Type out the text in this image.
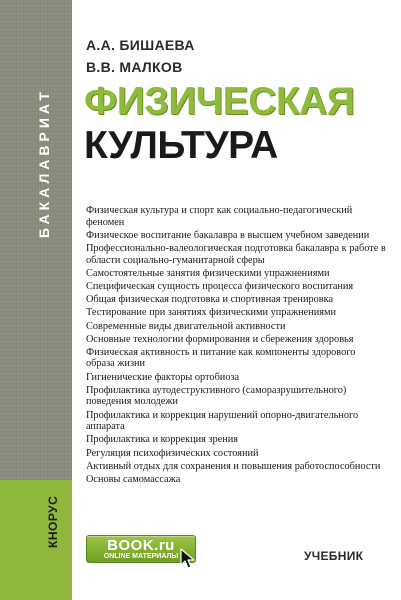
БАКАЛАВРИАТ
КНОРУС
А.А. БИШАЕВА
В.В. МАЛКОВ
ФИЗИЧЕСКАЯ
КУЛЬТУРА
Физическая культура и спорт как социально-педагогический феномен
Физическое воспитание бакалавра в высшем учебном заведении
Профессионально-валеологическая подготовка бакалавра к работе в области социально-гуманитарной сферы
Самостоятельные занятия физическими упражнениями
Специфическая сущность процесса физического воспитания
Общая физическая подготовка и спортивная тренировка
Тестирование при занятиях физическими упражнениями
Современные виды двигательной активности
Основные технологии формирования и сбережения здоровья
Физическая активность и питание как компоненты здорового образа жизни
Гигиенические факторы ортобиоза
Профилактика аутодеструктивного (саморазрушительного) поведения молодежи
Профилактика и коррекция нарушений опорно-двигательного аппарата
Профилактика и коррекция зрения
Регуляция психофизических состояний
Активный отдых для сохранения и повышения работоспособности
Основы самомассажа
BOOK.ru
ONLINE МАТЕРИАЛЫ	УЧЕБНИК
